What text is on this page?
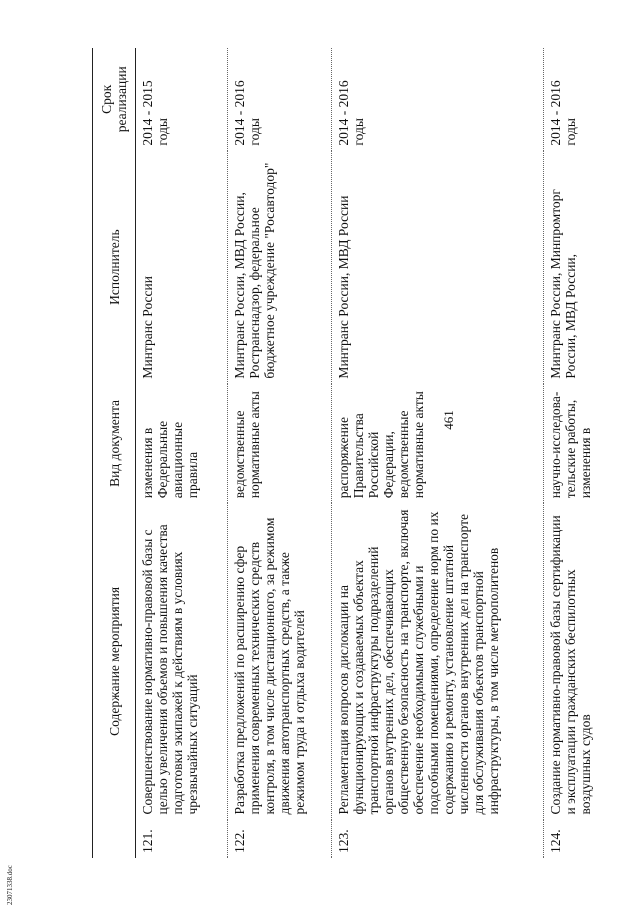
461
23071338.doc
	Содержание мероприятия	Вид документа	Исполнитель	Срок реализации

121.	Совершенствование нормативно-правовой базы с целью увеличения объемов и повышения качества подготовки экипажей к действиям в условиях чрезвычайных ситуаций	изменения в Федеральные авиационные правила	Минтранс России	2014 - 2015 годы

122.	Разработка предложений по расширению сфер применения современных технических средств контроля, в том числе дистанционного, за режимом движения автотранспортных средств, а также режимом труда и отдыха водителей	ведомственные нормативные акты	Минтранс России, МВД России, Ространснадзор, федеральное бюджетное учреждение "Росавтодор"	2014 - 2016 годы

123.	Регламентация вопросов дислокации на функционирующих и создаваемых объектах транспортной инфраструктуры подразделений органов внутренних дел, обеспечивающих общественную безопасность на транспорте, включая обеспечение необходимыми служебными и подсобными помещениями, определение норм по их содержанию и ремонту, установление штатной численности органов внутренних дел на транспорте для обслуживания объектов транспортной инфраструктуры, в том числе метрополитенов	распоряжение Правительства Российской Федерации, ведомственные нормативные акты	Минтранс России, МВД России	2014 - 2016 годы

124.	Создание нормативно-правовой базы сертификации и эксплуатации гражданских беспилотных воздушных судов	научно-исследова-тельские работы, изменения в	Минтранс России, Минпромторг России, МВД России,	2014 - 2016 годы
